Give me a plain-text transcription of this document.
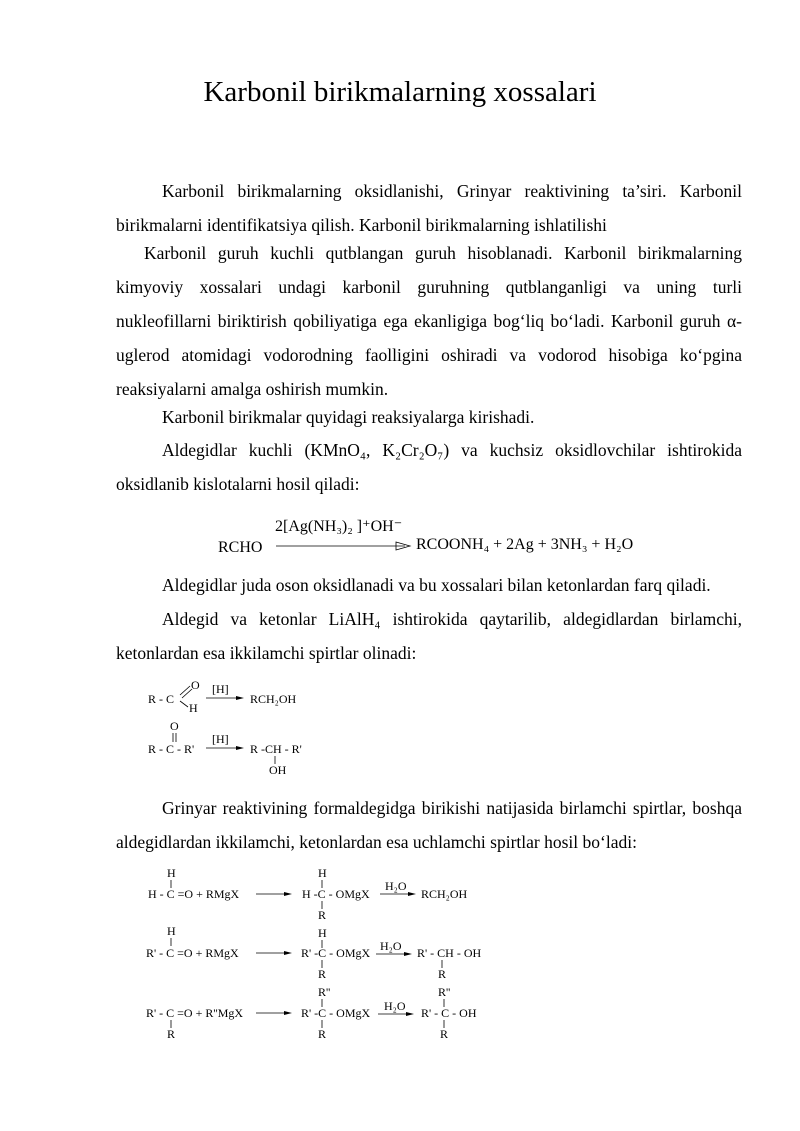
Karbonil birikmalarning xossalari

Karbonil birikmalarning oksidlanishi, Grinyar reaktivining ta’siri. Karbonil birikmalarni identifikatsiya qilish. Karbonil birikmalarning ishlatilishi

Karbonil guruh kuchli qutblangan guruh hisoblanadi. Karbonil birikmalarning kimyoviy xossalari undagi karbonil guruhning qutblanganligi va uning turli nukleofillarni biriktirish qobiliyatiga ega ekanligiga bog‘liq bo‘ladi. Karbonil guruh α-uglerod atomidagi vodorodning faolligini oshiradi va vodorod hisobiga ko‘pgina reaksiyalarni amalga oshirish mumkin.

Karbonil birikmalar quyidagi reaksiyalarga kirishadi.

Aldegidlar kuchli (KMnO₄, K₂Cr₂O₇) va kuchsiz oksidlovchilar ishtirokida oksidlanib kislotalarni hosil qiladi:

Aldegidlar juda oson oksidlanadi va bu xossalari bilan ketonlardan farq qiladi.

Aldegid va ketonlar LiAlH₄ ishtirokida qaytarilib, aldegidlardan birlamchi, ketonlardan esa ikkilamchi spirtlar olinadi:

Grinyar reaktivining formaldegidga birikishi natijasida birlamchi spirtlar, boshqa aldegidlardan ikkilamchi, ketonlardan esa uchlamchi spirtlar hosil bo‘ladi:

2[Ag(NH₃)₂ ]⁺OH⁻
RCHO	RCOONH₄ + 2Ag + 3NH₃ + H₂O
R - C
O
H
[H]
RCH₂OH
O
R - C - R'
[H]
R -CH - R'
OH
H
H - C =O + RMgX
H
H -C - OMgX
R
H₂O
RCH₂OH
H
R' - C =O + RMgX
H
R' -C - OMgX
R
H₂O R' - CH - OH
R
R' - C =O + R''MgX
R
R''
R' -C - OMgX
R
H₂O
R''
R' - C - OH
R
